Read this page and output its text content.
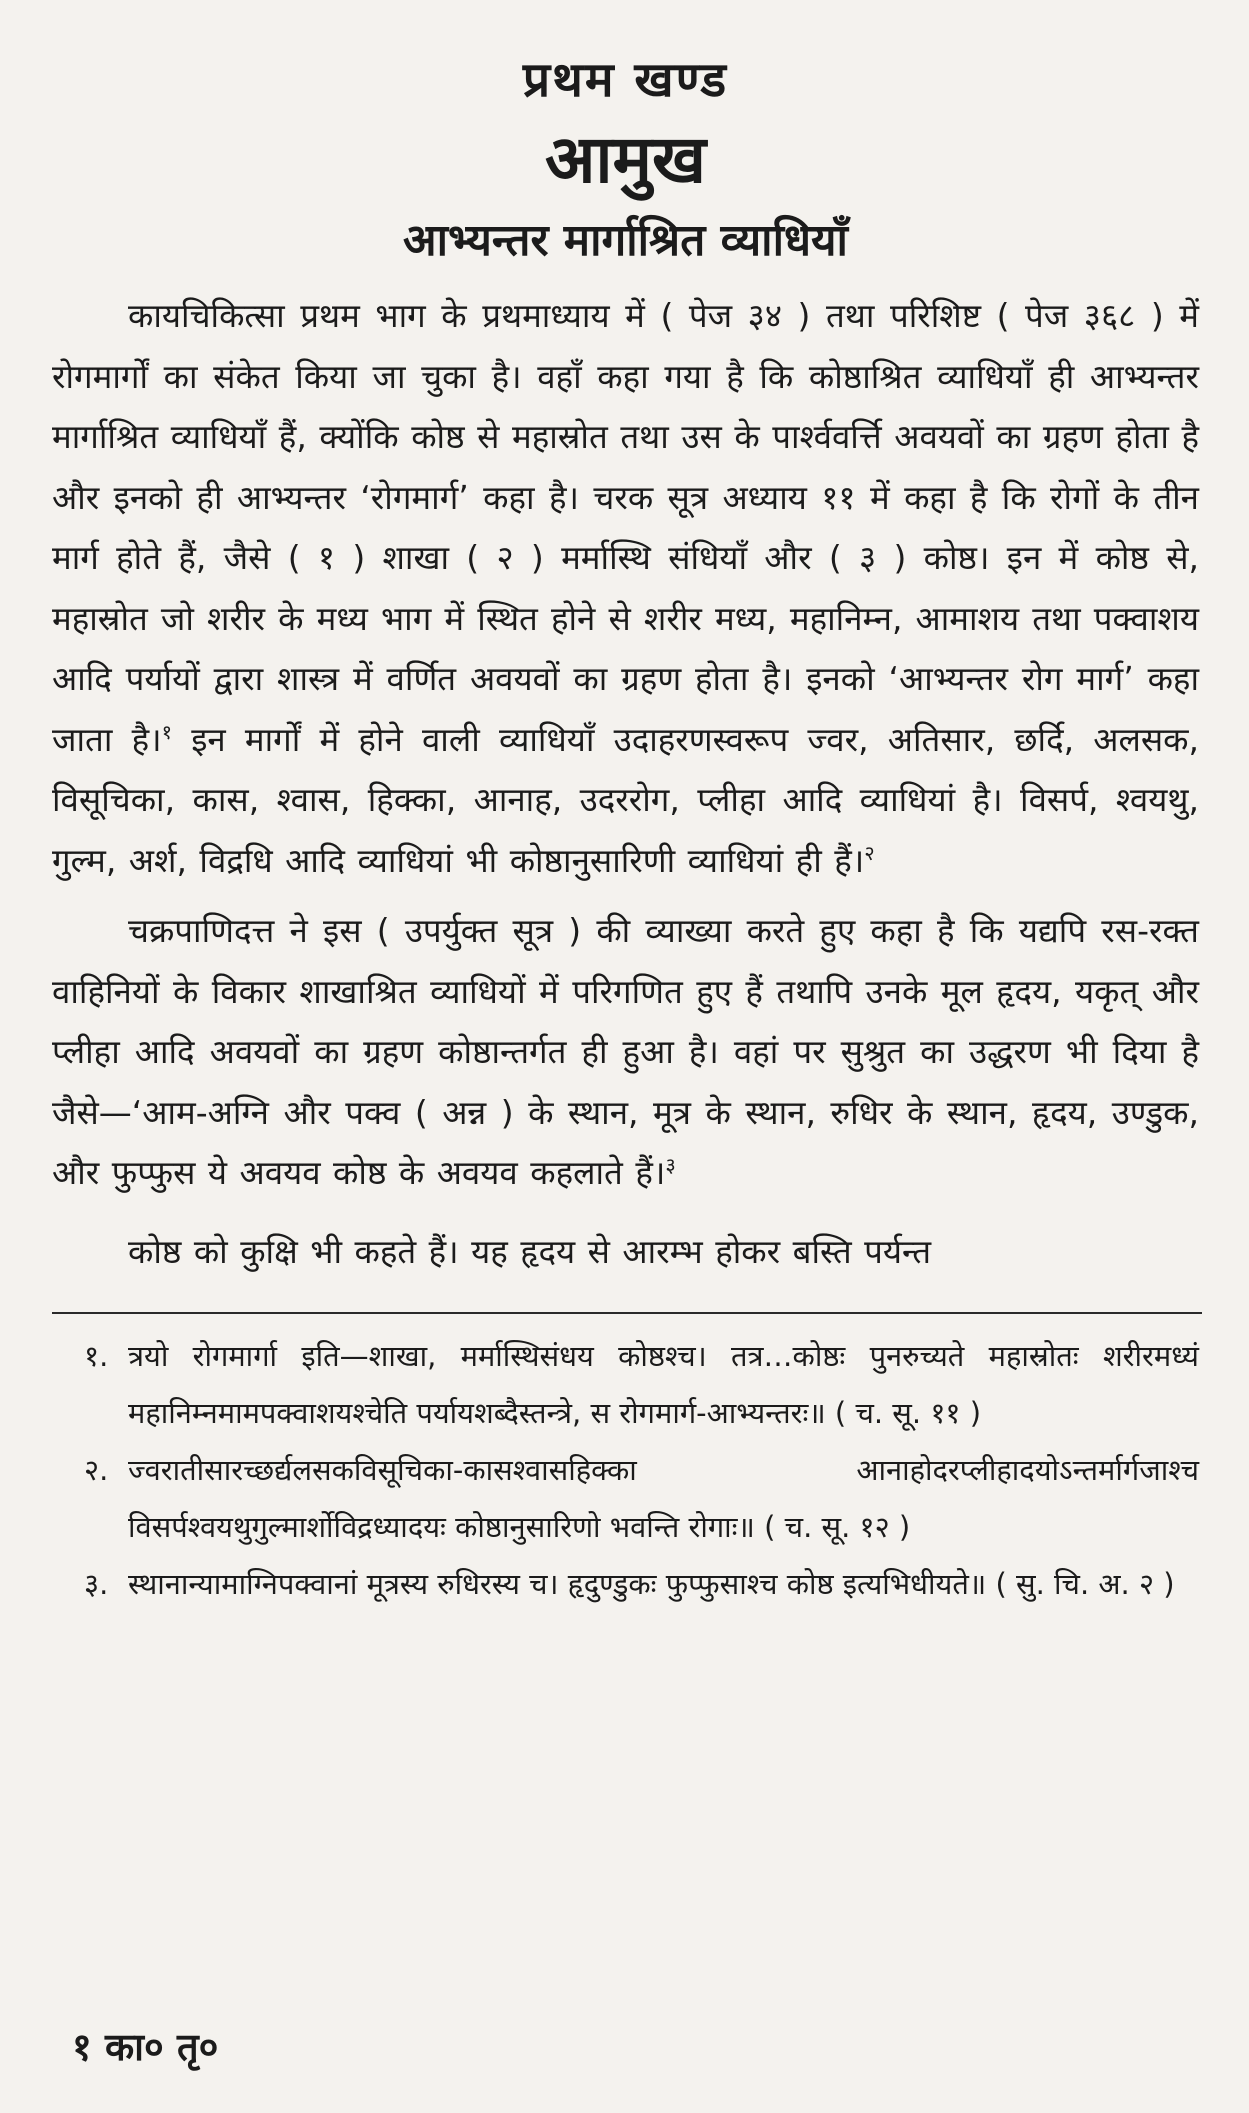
प्रथम खण्ड
आमुख
आभ्यन्तर मार्गाश्रित व्याधियाँ

कायचिकित्सा प्रथम भाग के प्रथमाध्याय में ( पेज ३४ ) तथा परिशिष्ट ( पेज ३६८ ) में रोगमार्गों का संकेत किया जा चुका है। वहाँ कहा गया है कि कोष्ठाश्रित व्याधियाँ ही आभ्यन्तर मार्गाश्रित व्याधियाँ हैं, क्योंकि कोष्ठ से महास्रोत तथा उस के पार्श्ववर्त्ति अवयवों का ग्रहण होता है और इनको ही आभ्यन्तर ‘रोगमार्ग’ कहा है। चरक सूत्र अध्याय ११ में कहा है कि रोगों के तीन मार्ग होते हैं, जैसे ( १ ) शाखा ( २ ) मर्मास्थि संधियाँ और ( ३ ) कोष्ठ। इन में कोष्ठ से, महास्रोत जो शरीर के मध्य भाग में स्थित होने से शरीर मध्य, महानिम्न, आमाशय तथा पक्वाशय आदि पर्यायों द्वारा शास्त्र में वर्णित अवयवों का ग्रहण होता है। इनको ‘आभ्यन्तर रोग मार्ग’ कहा जाता है।$^१$ इन मार्गों में होने वाली व्याधियाँ उदाहरणस्वरूप ज्वर, अतिसार, छर्दि, अलसक, विसूचिका, कास, श्वास, हिक्का, आनाह, उदररोग, प्लीहा आदि व्याधियां है। विसर्प, श्वयथु, गुल्म, अर्श, विद्रधि आदि व्याधियां भी कोष्ठानुसारिणी व्याधियां ही हैं।$^२$

चक्रपाणिदत्त ने इस ( उपर्युक्त सूत्र ) की व्याख्या करते हुए कहा है कि यद्यपि रस-रक्त वाहिनियों के विकार शाखाश्रित व्याधियों में परिगणित हुए हैं तथापि उनके मूल हृदय, यकृत् और प्लीहा आदि अवयवों का ग्रहण कोष्ठान्तर्गत ही हुआ है। वहां पर सुश्रुत का उद्धरण भी दिया है जैसे—‘आम-अग्नि और पक्व ( अन्न ) के स्थान, मूत्र के स्थान, रुधिर के स्थान, हृदय, उण्डुक, और फुप्फुस ये अवयव कोष्ठ के अवयव कहलाते हैं।$^३$

कोष्ठ को कुक्षि भी कहते हैं। यह हृदय से आरम्भ होकर बस्ति पर्यन्त

१. त्रयो रोगमार्गा इति—शाखा, मर्मास्थिसंधय कोष्ठश्च। तत्र…कोष्ठः पुनरुच्यते महास्रोतः शरीरमध्यं महानिम्नमामपक्वाशयश्चेति पर्यायशब्दैस्तन्त्रे, स रोगमार्ग-आभ्यन्तरः॥ ( च. सू. ११ )

२. ज्वरातीसारच्छर्द्यलसकविसूचिका-कासश्वासहिक्का आनाहोदरप्लीहादयोऽन्तर्मार्गजाश्च विसर्पश्वयथुगुल्मार्शोविद्रध्यादयः कोष्ठानुसारिणो भवन्ति रोगाः॥ ( च. सू. १२ )

३. स्थानान्यामाग्निपक्वानां मूत्रस्य रुधिरस्य च। हृदुण्डुकः फुप्फुसाश्च कोष्ठ इत्यभिधीयते॥ ( सु. चि. अ. २ )

१ का० तृ०
